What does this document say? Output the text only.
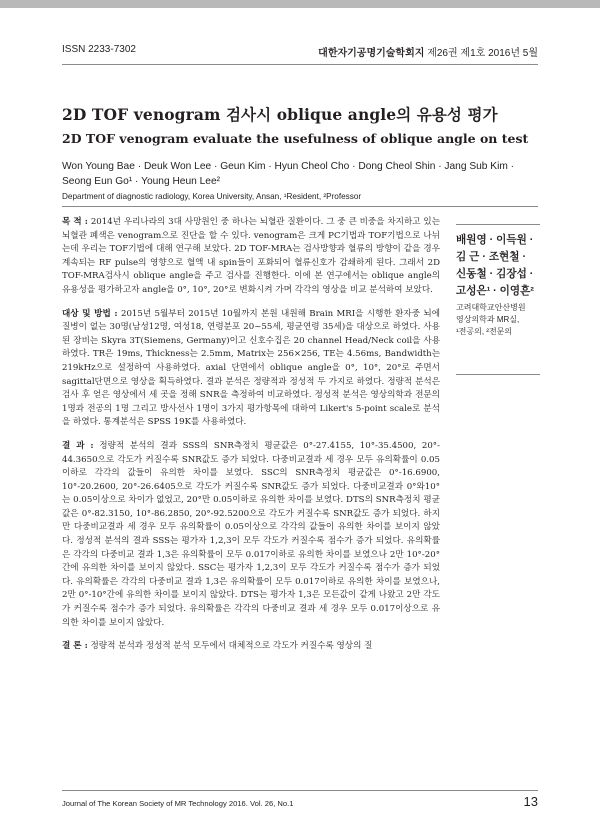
ISSN 2233-7302	대한자기공명기술학회지 제26권 제1호 2016년 5월
2D TOF venogram 검사시 oblique angle의 유용성 평가
2D TOF venogram evaluate the usefulness of oblique angle on test
Won Young Bae · Deuk Won Lee · Geun Kim · Hyun Cheol Cho · Dong Cheol Shin · Jang Sub Kim ·
Seong Eun Go¹ · Young Heun Lee²
Department of diagnostic radiology, Korea University, Ansan, ¹Resident, ²Professor

목 적 : 2014년 우리나라의 3대 사망원인 중 하나는 뇌혈관 질환이다. 그 중 큰 비중을 차지하고 있는 뇌혈관 폐색은 venogram으로 진단을 할 수 있다. venogram은 크게 PC기법과 TOF기법으로 나뉘는데 우리는 TOF기법에 대해 연구해 보았다. 2D TOF-MRA는 검사방향과 혈류의 방향이 같을 경우 계속되는 RF pulse의 영향으로 혈액 내 spin들이 포화되어 혈류신호가 감쇄하게 된다. 그래서 2D TOF-MRA검사시 oblique angle을 주고 검사를 진행한다. 이에 본 연구에서는 oblique angle의 유용성을 평가하고자 angle을 0°, 10°, 20°로 변화시켜 가며 각각의 영상을 비교 분석하여 보았다.

대상 및 방법 : 2015년 5월부터 2015년 10월까지 본원 내원해 Brain MRI을 시행한 환자중 뇌에 질병이 없는 30명(남성12명, 여성18, 연령분포 20~55세, 평균연령 35세)을 대상으로 하였다. 사용된 장비는 Skyra 3T(Siemens, Germany)이고 신호수집은 20 channel Head/Neck coil을 사용하였다. TR은 19ms, Thickness는 2.5mm, Matrix는 256×256, TE는 4.56ms, Bandwidth는 219kHz으로 설정하여 사용하였다. axial 단면에서 oblique angle을 0°, 10°, 20°로 주면서 sagittal단면으로 영상을 획득하였다. 결과 분석은 정량적과 정성적 두 가지로 하였다. 정량적 분석은 검사 후 얻은 영상에서 세 곳을 정해 SNR을 측정하여 비교하였다. 정성적 분석은 영상의학과 전문의 1명과 전공의 1명 그리고 방사선사 1명이 3가지 평가항목에 대하여 Likert's 5-point scale로 분석을 하였다. 통계분석은 SPSS 19K를 사용하였다.

결 과 : 정량적 분석의 결과 SSS의 SNR측정치 평균값은 0°-27.4155, 10°-35.4500, 20°- 44.3650으로 각도가 커질수록 SNR값도 증가 되었다. 다중비교결과 세 경우 모두 유의확률이 0.05이하로 각각의 값들이 유의한 차이를 보였다. SSC의 SNR측정치 평균값은 0°-16.6900, 10°-20.2600, 20°-26.6405으로 각도가 커질수록 SNR값도 증가 되었다. 다중비교결과 0°와10°는 0.05이상으로 차이가 없었고, 20°만 0.05이하로 유의한 차이를 보였다. DTS의 SNR측정치 평균값은 0°-82.3150, 10°-86.2850, 20°-92.5200으로 각도가 커질수록 SNR값도 증가 되었다. 하지만 다중비교결과 세 경우 모두 유의확률이 0.05이상으로 각각의 값들이 유의한 차이를 보이지 않았다. 정성적 분석의 결과 SSS는 평가자 1,2,3이 모두 각도가 커질수록 점수가 증가 되었다. 유의확률은 각각의 다중비교 결과 1,3은 유의확률이 모두 0.017이하로 유의한 차이를 보였으나 2만 10°-20°간에 유의한 차이를 보이지 않았다. SSC는 평가자 1,2,3이 모두 각도가 커질수록 점수가 증가 되었다. 유의확률은 각각의 다중비교 결과 1,3은 유의확률이 모두 0.017이하로 유의한 차이를 보였으나, 2만 0°-10°간에 유의한 차이를 보이지 않았다. DTS는 평가자 1,3은 모든값이 같게 나왔고 2만 각도가 커질수록 점수가 증가 되었다. 유의확률은 각각의 다중비교 결과 세 경우 모두 0.017이상으로 유의한 차이를 보이지 않았다.

결 론 : 정량적 분석과 정성적 분석 모두에서 대체적으로 각도가 커질수록 영상의 질

배원영 · 이득원 ·
김 근 · 조현철 ·
신동철 · 김장섭 ·
고성은¹ · 이영흔²
고려대학교안산병원
영상의학과 MR실,
¹전공의, ²전문의
Journal of The Korean Society of MR Technology 2016. Vol. 26, No.1	13
